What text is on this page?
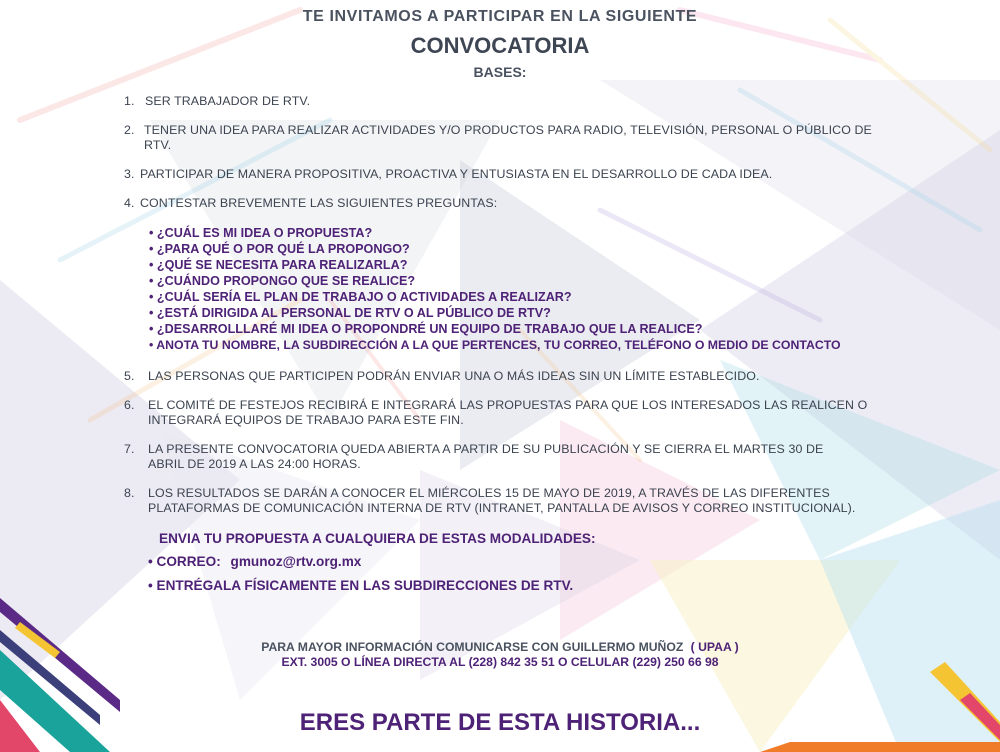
TE INVITAMOS A PARTICIPAR EN LA SIGUIENTE
CONVOCATORIA
BASES:
1. SER TRABAJADOR DE RTV.
2. TENER UNA IDEA PARA REALIZAR ACTIVIDADES Y/O PRODUCTOS PARA RADIO, TELEVISIÓN, PERSONAL O PÚBLICO DE RTV.
3. PARTICIPAR DE MANERA PROPOSITIVA, PROACTIVA Y ENTUSIASTA EN EL DESARROLLO DE CADA IDEA.
4. CONTESTAR BREVEMENTE LAS SIGUIENTES PREGUNTAS:
• ¿CUÁL ES MI IDEA O PROPUESTA?
• ¿PARA QUÉ O POR QUÉ LA PROPONGO?
• ¿QUÉ SE NECESITA PARA REALIZARLA?
• ¿CUÁNDO PROPONGO QUE SE REALICE?
• ¿CUÁL SERÍA EL PLAN DE TRABAJO O ACTIVIDADES A REALIZAR?
• ¿ESTÁ DIRIGIDA AL PERSONAL DE RTV O AL PÚBLICO DE RTV?
• ¿DESARROLLLARÉ MI IDEA O PROPONDRÉ UN EQUIPO DE TRABAJO QUE LA REALICE?
• ANOTA TU NOMBRE, LA SUBDIRECCIÓN A LA QUE PERTENCES, TU CORREO, TELÉFONO O MEDIO DE CONTACTO
5. LAS PERSONAS QUE PARTICIPEN PODRÁN ENVIAR UNA O MÁS IDEAS SIN UN LÍMITE ESTABLECIDO.
6. EL COMITÉ DE FESTEJOS RECIBIRÁ E INTEGRARÁ LAS PROPUESTAS PARA QUE LOS INTERESADOS LAS REALICEN O INTEGRARÁ EQUIPOS DE TRABAJO PARA ESTE FIN.
7. LA PRESENTE CONVOCATORIA QUEDA ABIERTA A PARTIR DE SU PUBLICACIÓN Y SE CIERRA EL MARTES 30 DE ABRIL DE 2019 A LAS 24:00 HORAS.
8. LOS RESULTADOS SE DARÁN A CONOCER EL MIÉRCOLES 15 DE MAYO DE 2019, A TRAVÉS DE LAS DIFERENTES PLATAFORMAS DE COMUNICACIÓN INTERNA DE RTV (INTRANET, PANTALLA DE AVISOS Y CORREO INSTITUCIONAL).
ENVIA TU PROPUESTA A CUALQUIERA DE ESTAS MODALIDADES:
• CORREO: gmunoz@rtv.org.mx
• ENTRÉGALA FÍSICAMENTE EN LAS SUBDIRECCIONES DE RTV.
PARA MAYOR INFORMACIÓN COMUNICARSE CON GUILLERMO MUÑOZ ( UPAA )
EXT. 3005 O LÍNEA DIRECTA AL (228) 842 35 51 O CELULAR (229) 250 66 98
ERES PARTE DE ESTA HISTORIA...
